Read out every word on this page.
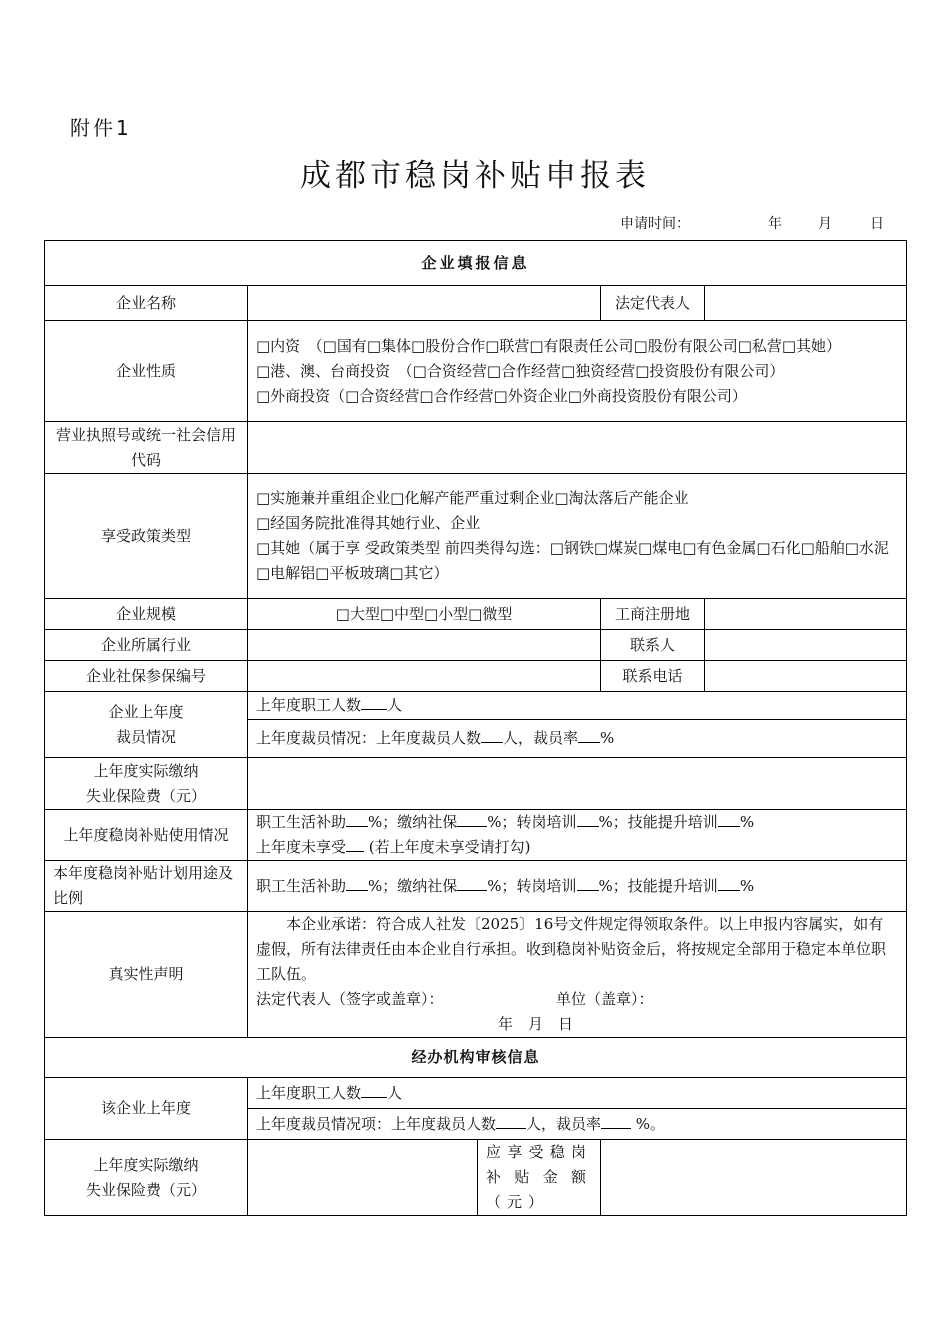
附件1
成都市稳岗补贴申报表
申请时间：	年	月	日
企业填报信息				
企业名称			法定代表人	
企业性质	□内资　（□国有□集体□股份合作□联营□有限责任公司□股份有限公司□私营□其她）
□港、澳、台商投资　（□合资经营□合作经营□独资经营□投资股份有限公司）
□外商投资（□合资经营□合作经营□外资企业□外商投资股份有限公司）			

营业执照号或统一社会信用代码				
享受政策类型	□实施兼并重组企业□化解产能严重过剩企业□淘汰落后产能企业
□经国务院批准得其她行业、企业
□其她（属于享 受政策类型 前四类得勾选：□钢铁□煤炭□煤电□有色金属□石化□船舶□水泥
□电解铝□平板玻璃□其它）			

企业规模	□大型□中型□小型□微型		工商注册地	
企业所属行业			联系人	
企业社保参保编号			联系电话	

企业上年度
裁员情况	上年度职工人数 人			
	上年度裁员情况：上年度裁员人数 人，裁员率 %			

上年度实际缴纳
失业保险费（元）				

上年度稳岗补贴使用情况	职工生活补助 %；缴纳社保 %；转岗培训 %；技能提升培训 %
上年度未享受 (若上年度未享受请打勾)			

本年度稳岗补贴计划用途及比例	职工生活补助 %；缴纳社保 %；转岗培训 %；技能提升培训 %			
真实性声明	本企业承诺：符合成人社发〔2025〕16号文件规定得领取条件。以上申报内容属实，如有虚假，所有法律责任由本企业自行承担。收到稳岗补贴资金后，将按规定全部用于稳定本单位职工队伍。
法定代表人（签字或盖章）： 单位（盖章）：
年　月　日			

经办机构审核信息				
该企业上年度	上年度职工人数 人			
	上年度裁员情况项：上年度裁员人数 人，裁员率 %。			

上年度实际缴纳
失业保险费（元）		应享受稳岗补贴金额（元）		
